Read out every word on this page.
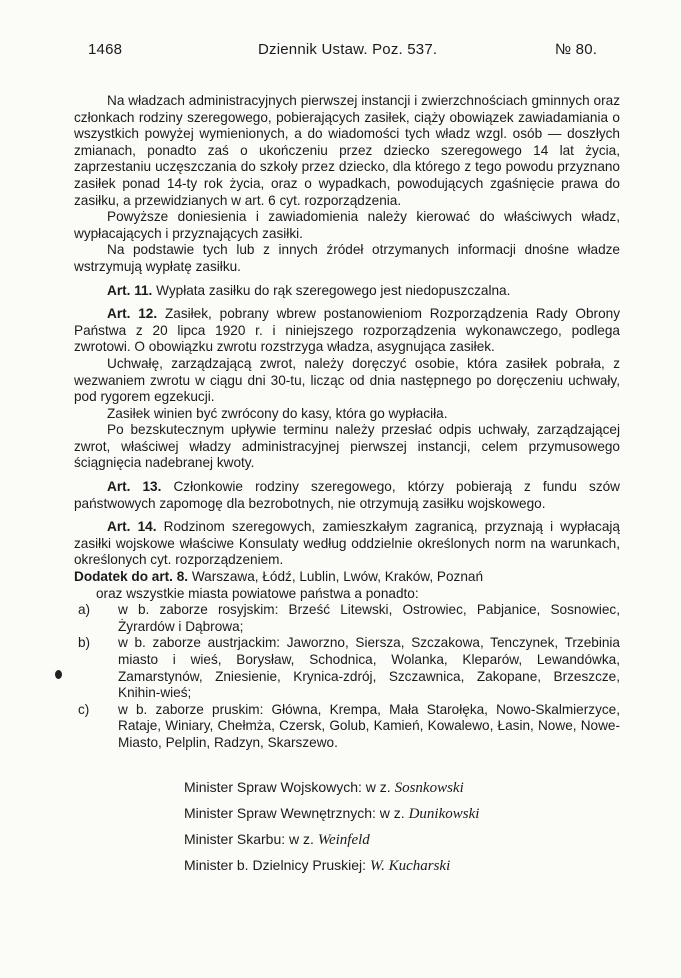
1468	Dziennik Ustaw. Poz. 537.	№ 80.

Na władzach administracyjnych pierwszej instancji i zwierzchnościach gminnych oraz członkach rodziny szeregowego, pobierających zasiłek, ciąży obowiązek zawiadamiania o wszystkich powyżej wymienionych, a do wiadomości tych władz wzgl. osób — doszłych zmianach, ponadto zaś o ukończeniu przez dziecko szeregowego 14 lat życia, zaprzestaniu uczęszczania do szkoły przez dziecko, dla którego z tego powodu przyznano zasiłek ponad 14-ty rok życia, oraz o wypadkach, powodujących zgaśnięcie prawa do zasiłku, a przewidzianych w art. 6 cyt. rozporządzenia.

Powyższe doniesienia i zawiadomienia należy kierować do właściwych władz, wypłacających i przyznających zasiłki.

Na podstawie tych lub z innych źródeł otrzymanych informacji dnośne władze wstrzymują wypłatę zasiłku.

Art. 11. Wypłata zasiłku do rąk szeregowego jest niedopuszczalna.

Art. 12. Zasiłek, pobrany wbrew postanowieniom Rozporządzenia Rady Obrony Państwa z 20 lipca 1920 r. i niniejszego rozporządzenia wykonawczego, podlega zwrotowi. O obowiązku zwrotu rozstrzyga władza, asygnująca zasiłek.

Uchwałę, zarządzającą zwrot, należy doręczyć osobie, która zasiłek pobrała, z wezwaniem zwrotu w ciągu dni 30-tu, licząc od dnia następnego po doręczeniu uchwały, pod rygorem egzekucji.

Zasiłek winien być zwrócony do kasy, która go wypłaciła.

Po bezskutecznym upływie terminu należy przesłać odpis uchwały, zarządzającej zwrot, właściwej władzy administracyjnej pierwszej instancji, celem przymusowego ściągnięcia nadebranej kwoty.

Art. 13. Członkowie rodziny szeregowego, którzy pobierają z fundu szów państwowych zapomogę dla bezrobotnych, nie otrzymują zasiłku wojskowego.

Art. 14. Rodzinom szeregowych, zamieszkałym zagranicą, przyznają i wypłacają zasiłki wojskowe właściwe Konsulaty według oddzielnie określonych norm na warunkach, określonych cyt. rozporządzeniem.

Dodatek do art. 8. Warszawa, Łódź, Lublin, Lwów, Kraków, Poznań

oraz wszystkie miasta powiatowe państwa a ponadto:
a)	w b. zaborze rosyjskim: Brześć Litewski, Ostrowiec, Pabjanice, Sosnowiec, Żyrardów i Dąbrowa;
b)	w b. zaborze austrjackim: Jaworzno, Siersza, Szczakowa, Tenczynek, Trzebinia miasto i wieś, Borysław, Schodnica, Wolanka, Kleparów, Lewandówka, Zamarstynów, Zniesienie, Krynica-zdrój, Szczawnica, Zakopane, Brzeszcze, Knihin-wieś;
c)	w b. zaborze pruskim: Główna, Krempa, Mała Starołęka, Nowo-Skalmierzyce, Rataje, Winiary, Chełmża, Czersk, Golub, Kamień, Kowalewo, Łasin, Nowe, Nowe-Miasto, Pelplin, Radzyn, Skarszewo.
Minister Spraw Wojskowych: w z. Sosnkowski
Minister Spraw Wewnętrznych: w z. Dunikowski
Minister Skarbu: w z. Weinfeld
Minister b. Dzielnicy Pruskiej: W. Kucharski
